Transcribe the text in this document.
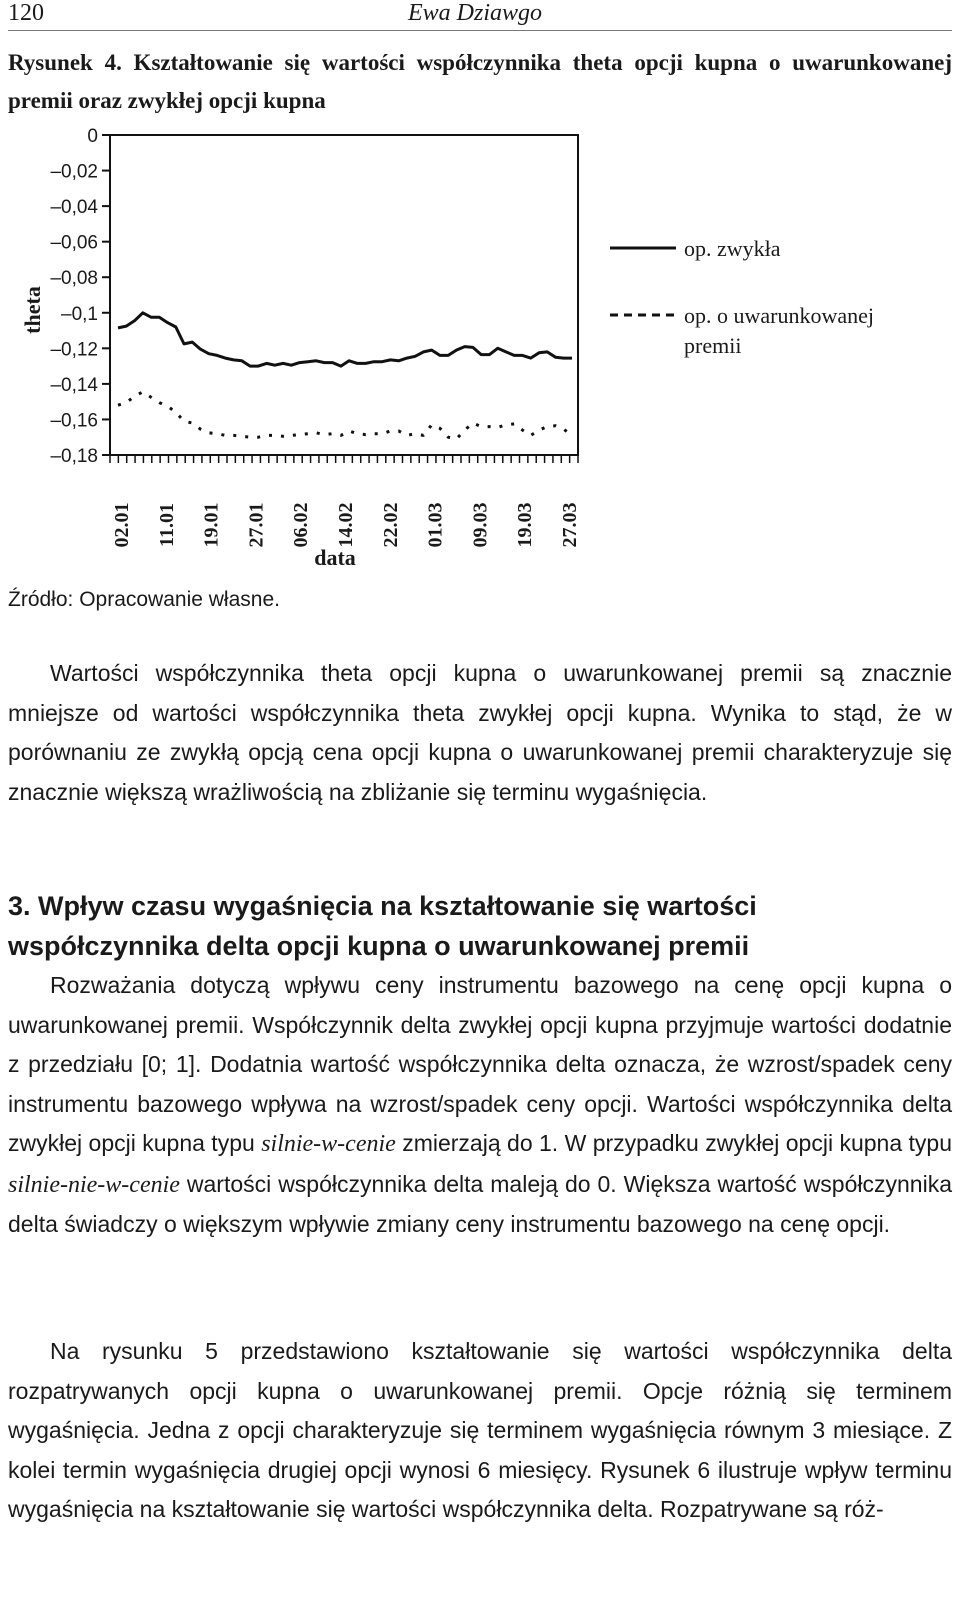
120	Ewa Dziawgo
Rysunek 4. Kształtowanie się wartości współczynnika theta opcji kupna o uwarunkowanej premii oraz zwykłej opcji kupna
0
–0,02
–0,04
–0,06
–0,08
–0,1
–0,12
–0,14
–0,16
–0,18
02.01 11.01 19.01 27.01 06.02 14.02 22.02 01.03 09.03 19.03 27.03
op. zwykła
op. o uwarunkowanej premii
theta
data
Źródło: Opracowanie własne.

Wartości współczynnika theta opcji kupna o uwarunkowanej premii są znacznie mniejsze od wartości współczynnika theta zwykłej opcji kupna. Wynika to stąd, że w porównaniu ze zwykłą opcją cena opcji kupna o uwarunkowanej premii charakteryzuje się znacznie większą wrażliwością na zbliżanie się terminu wygaśnięcia.

3. Wpływ czasu wygaśnięcia na kształtowanie się wartości współczynnika delta opcji kupna o uwarunkowanej premii

Rozważania dotyczą wpływu ceny instrumentu bazowego na cenę opcji kupna o uwarunkowanej premii. Współczynnik delta zwykłej opcji kupna przyjmuje wartości dodatnie z przedziału [0; 1]. Dodatnia wartość współczynnika delta oznacza, że wzrost/spadek ceny instrumentu bazowego wpływa na wzrost/spadek ceny opcji. Wartości współczynnika delta zwykłej opcji kupna typu silnie-w-cenie zmierzają do 1. W przypadku zwykłej opcji kupna typu silnie-nie-w-cenie wartości współczynnika delta maleją do 0. Większa wartość współczynnika delta świadczy o większym wpływie zmiany ceny instrumentu bazowego na cenę opcji.

Na rysunku 5 przedstawiono kształtowanie się wartości współczynnika delta rozpatrywanych opcji kupna o uwarunkowanej premii. Opcje różnią się terminem wygaśnięcia. Jedna z opcji charakteryzuje się terminem wygaśnięcia równym 3 miesiące. Z kolei termin wygaśnięcia drugiej opcji wynosi 6 miesięcy. Rysunek 6 ilustruje wpływ terminu wygaśnięcia na kształtowanie się wartości współczynnika delta. Rozpatrywane są róż-
